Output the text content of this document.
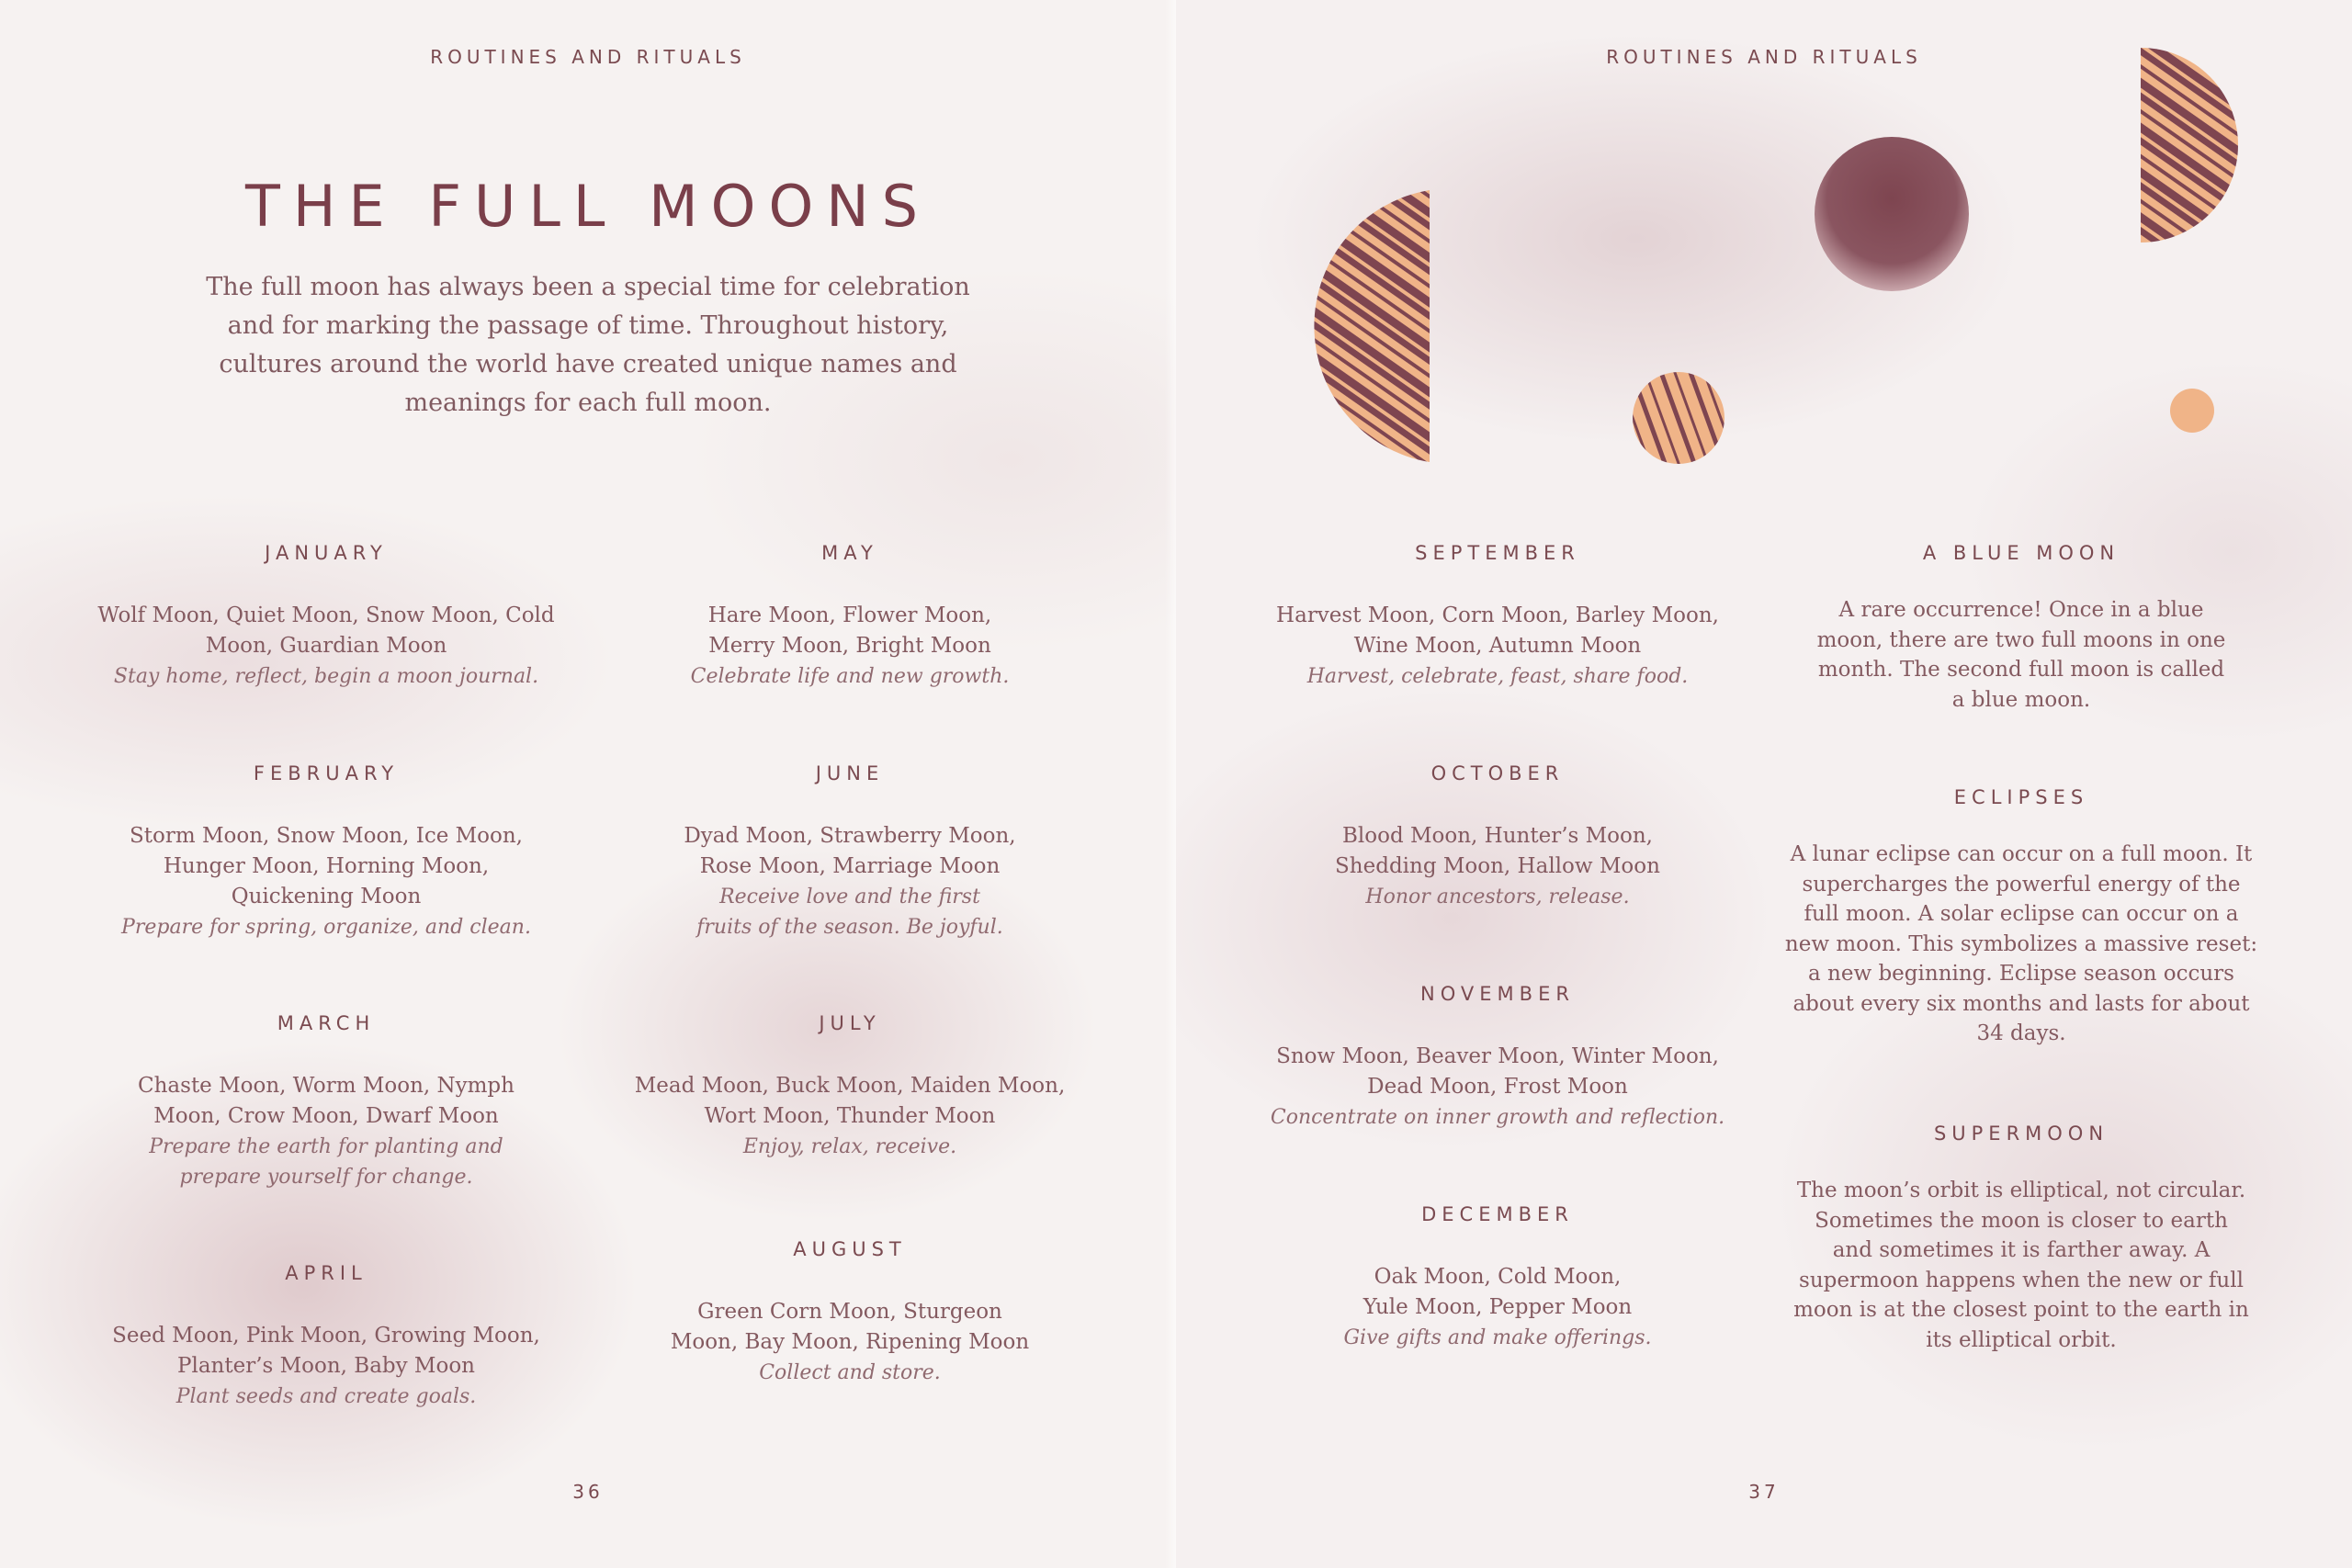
ROUTINES AND RITUALS
THE FULL MOONS

The full moon has always been a special time for celebration and for marking the passage of time. Throughout history, cultures around the world have created unique names and meanings for each full moon.

JANUARY
Wolf Moon, Quiet Moon, Snow Moon, Cold Moon, Guardian Moon
Stay home, reflect, begin a moon journal.
FEBRUARY
Storm Moon, Snow Moon, Ice Moon, Hunger Moon, Horning Moon, Quickening Moon
Prepare for spring, organize, and clean.
MARCH
Chaste Moon, Worm Moon, Nymph Moon, Crow Moon, Dwarf Moon
Prepare the earth for planting and prepare yourself for change.
APRIL
Seed Moon, Pink Moon, Growing Moon, Planter’s Moon, Baby Moon
Plant seeds and create goals.
MAY
Hare Moon, Flower Moon, Merry Moon, Bright Moon
Celebrate life and new growth.
JUNE
Dyad Moon, Strawberry Moon, Rose Moon, Marriage Moon
Receive love and the first fruits of the season. Be joyful.
JULY
Mead Moon, Buck Moon, Maiden Moon, Wort Moon, Thunder Moon
Enjoy, relax, receive.
AUGUST
Green Corn Moon, Sturgeon Moon, Bay Moon, Ripening Moon
Collect and store.
36
ROUTINES AND RITUALS
SEPTEMBER
Harvest Moon, Corn Moon, Barley Moon, Wine Moon, Autumn Moon
Harvest, celebrate, feast, share food.
OCTOBER
Blood Moon, Hunter’s Moon, Shedding Moon, Hallow Moon
Honor ancestors, release.
NOVEMBER
Snow Moon, Beaver Moon, Winter Moon, Dead Moon, Frost Moon
Concentrate on inner growth and reflection.
DECEMBER
Oak Moon, Cold Moon, Yule Moon, Pepper Moon
Give gifts and make offerings.
A BLUE MOON
A rare occurrence! Once in a blue moon, there are two full moons in one month. The second full moon is called a blue moon.
ECLIPSES
A lunar eclipse can occur on a full moon. It supercharges the powerful energy of the full moon. A solar eclipse can occur on a new moon. This symbolizes a massive reset: a new beginning. Eclipse season occurs about every six months and lasts for about 34 days.
SUPERMOON
The moon’s orbit is elliptical, not circular. Sometimes the moon is closer to earth and sometimes it is farther away. A supermoon happens when the new or full moon is at the closest point to the earth in its elliptical orbit.
37
